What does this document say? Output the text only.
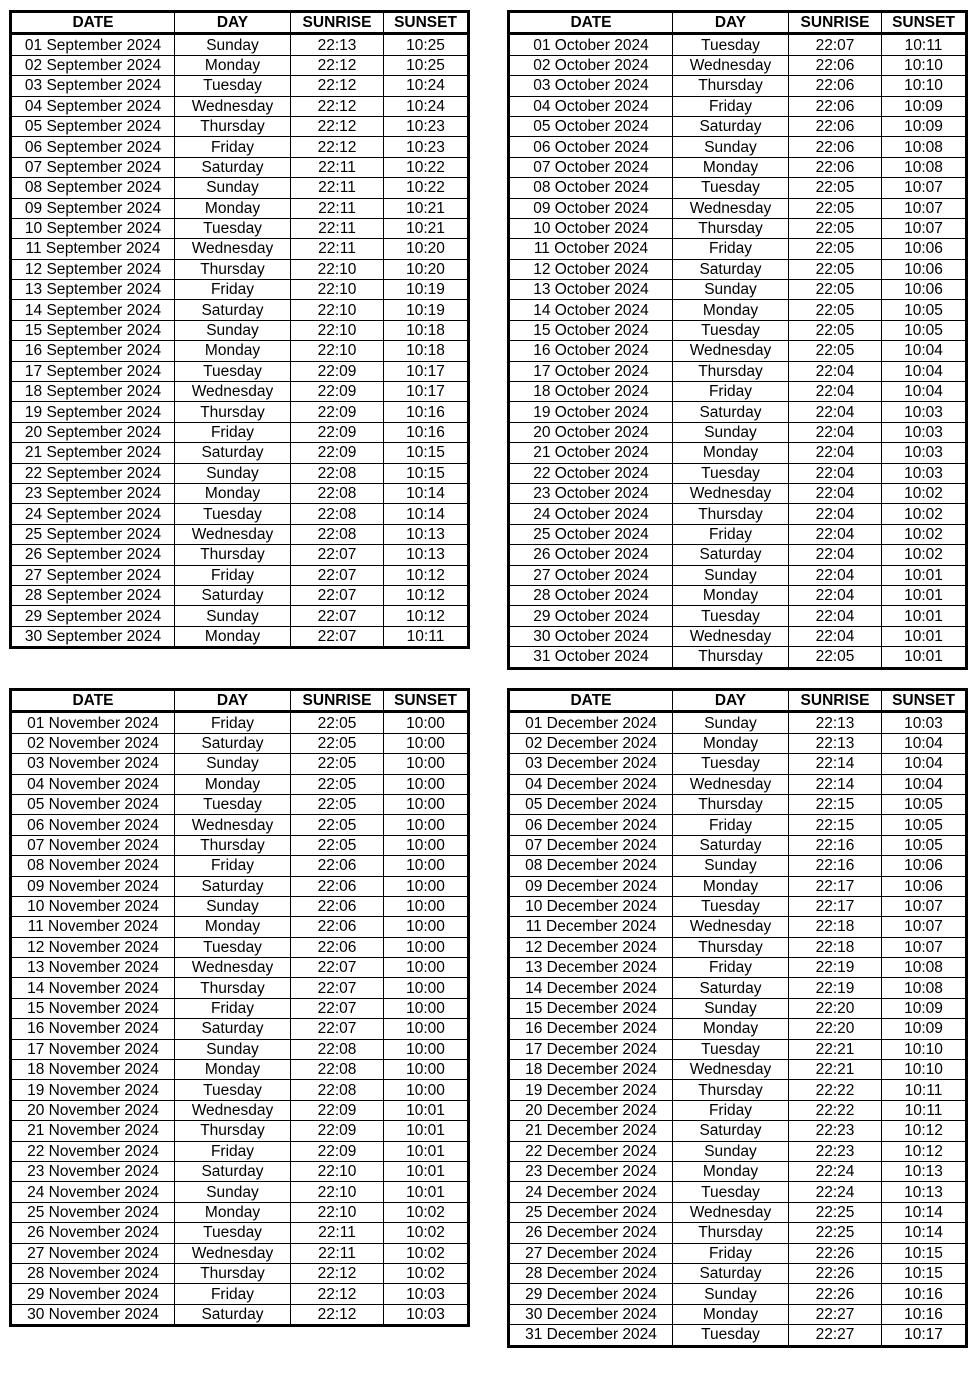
DATE	DAY	SUNRISE	SUNSET
01 September 2024	Sunday	22:13	10:25
02 September 2024	Monday	22:12	10:25
03 September 2024	Tuesday	22:12	10:24
04 September 2024	Wednesday	22:12	10:24
05 September 2024	Thursday	22:12	10:23
06 September 2024	Friday	22:12	10:23
07 September 2024	Saturday	22:11	10:22
08 September 2024	Sunday	22:11	10:22
09 September 2024	Monday	22:11	10:21
10 September 2024	Tuesday	22:11	10:21
11 September 2024	Wednesday	22:11	10:20
12 September 2024	Thursday	22:10	10:20
13 September 2024	Friday	22:10	10:19
14 September 2024	Saturday	22:10	10:19
15 September 2024	Sunday	22:10	10:18
16 September 2024	Monday	22:10	10:18
17 September 2024	Tuesday	22:09	10:17
18 September 2024	Wednesday	22:09	10:17
19 September 2024	Thursday	22:09	10:16
20 September 2024	Friday	22:09	10:16
21 September 2024	Saturday	22:09	10:15
22 September 2024	Sunday	22:08	10:15
23 September 2024	Monday	22:08	10:14
24 September 2024	Tuesday	22:08	10:14
25 September 2024	Wednesday	22:08	10:13
26 September 2024	Thursday	22:07	10:13
27 September 2024	Friday	22:07	10:12
28 September 2024	Saturday	22:07	10:12
29 September 2024	Sunday	22:07	10:12
30 September 2024	Monday	22:07	10:11
DATE	DAY	SUNRISE	SUNSET
01 October 2024	Tuesday	22:07	10:11
02 October 2024	Wednesday	22:06	10:10
03 October 2024	Thursday	22:06	10:10
04 October 2024	Friday	22:06	10:09
05 October 2024	Saturday	22:06	10:09
06 October 2024	Sunday	22:06	10:08
07 October 2024	Monday	22:06	10:08
08 October 2024	Tuesday	22:05	10:07
09 October 2024	Wednesday	22:05	10:07
10 October 2024	Thursday	22:05	10:07
11 October 2024	Friday	22:05	10:06
12 October 2024	Saturday	22:05	10:06
13 October 2024	Sunday	22:05	10:06
14 October 2024	Monday	22:05	10:05
15 October 2024	Tuesday	22:05	10:05
16 October 2024	Wednesday	22:05	10:04
17 October 2024	Thursday	22:04	10:04
18 October 2024	Friday	22:04	10:04
19 October 2024	Saturday	22:04	10:03
20 October 2024	Sunday	22:04	10:03
21 October 2024	Monday	22:04	10:03
22 October 2024	Tuesday	22:04	10:03
23 October 2024	Wednesday	22:04	10:02
24 October 2024	Thursday	22:04	10:02
25 October 2024	Friday	22:04	10:02
26 October 2024	Saturday	22:04	10:02
27 October 2024	Sunday	22:04	10:01
28 October 2024	Monday	22:04	10:01
29 October 2024	Tuesday	22:04	10:01
30 October 2024	Wednesday	22:04	10:01
31 October 2024	Thursday	22:05	10:01
DATE	DAY	SUNRISE	SUNSET
01 November 2024	Friday	22:05	10:00
02 November 2024	Saturday	22:05	10:00
03 November 2024	Sunday	22:05	10:00
04 November 2024	Monday	22:05	10:00
05 November 2024	Tuesday	22:05	10:00
06 November 2024	Wednesday	22:05	10:00
07 November 2024	Thursday	22:05	10:00
08 November 2024	Friday	22:06	10:00
09 November 2024	Saturday	22:06	10:00
10 November 2024	Sunday	22:06	10:00
11 November 2024	Monday	22:06	10:00
12 November 2024	Tuesday	22:06	10:00
13 November 2024	Wednesday	22:07	10:00
14 November 2024	Thursday	22:07	10:00
15 November 2024	Friday	22:07	10:00
16 November 2024	Saturday	22:07	10:00
17 November 2024	Sunday	22:08	10:00
18 November 2024	Monday	22:08	10:00
19 November 2024	Tuesday	22:08	10:00
20 November 2024	Wednesday	22:09	10:01
21 November 2024	Thursday	22:09	10:01
22 November 2024	Friday	22:09	10:01
23 November 2024	Saturday	22:10	10:01
24 November 2024	Sunday	22:10	10:01
25 November 2024	Monday	22:10	10:02
26 November 2024	Tuesday	22:11	10:02
27 November 2024	Wednesday	22:11	10:02
28 November 2024	Thursday	22:12	10:02
29 November 2024	Friday	22:12	10:03
30 November 2024	Saturday	22:12	10:03
DATE	DAY	SUNRISE	SUNSET
01 December 2024	Sunday	22:13	10:03
02 December 2024	Monday	22:13	10:04
03 December 2024	Tuesday	22:14	10:04
04 December 2024	Wednesday	22:14	10:04
05 December 2024	Thursday	22:15	10:05
06 December 2024	Friday	22:15	10:05
07 December 2024	Saturday	22:16	10:05
08 December 2024	Sunday	22:16	10:06
09 December 2024	Monday	22:17	10:06
10 December 2024	Tuesday	22:17	10:07
11 December 2024	Wednesday	22:18	10:07
12 December 2024	Thursday	22:18	10:07
13 December 2024	Friday	22:19	10:08
14 December 2024	Saturday	22:19	10:08
15 December 2024	Sunday	22:20	10:09
16 December 2024	Monday	22:20	10:09
17 December 2024	Tuesday	22:21	10:10
18 December 2024	Wednesday	22:21	10:10
19 December 2024	Thursday	22:22	10:11
20 December 2024	Friday	22:22	10:11
21 December 2024	Saturday	22:23	10:12
22 December 2024	Sunday	22:23	10:12
23 December 2024	Monday	22:24	10:13
24 December 2024	Tuesday	22:24	10:13
25 December 2024	Wednesday	22:25	10:14
26 December 2024	Thursday	22:25	10:14
27 December 2024	Friday	22:26	10:15
28 December 2024	Saturday	22:26	10:15
29 December 2024	Sunday	22:26	10:16
30 December 2024	Monday	22:27	10:16
31 December 2024	Tuesday	22:27	10:17
